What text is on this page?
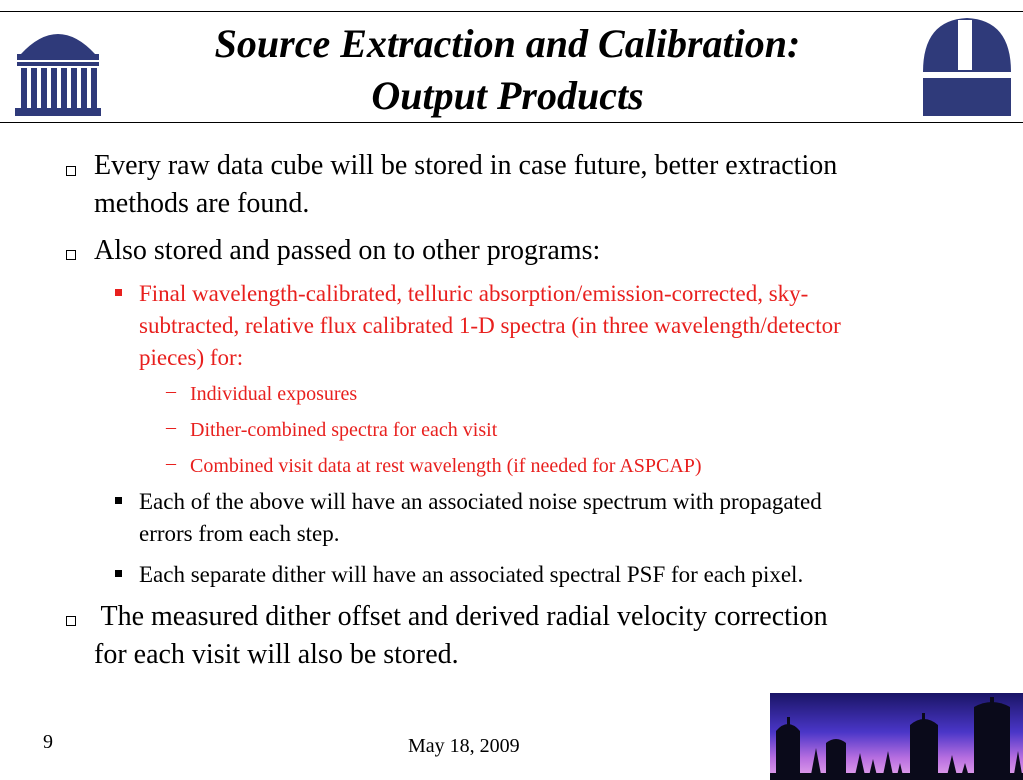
Source Extraction and Calibration:
Output Products
Every raw data cube will be stored in case future, better extraction
methods are found.
Also stored and passed on to other programs:
Final wavelength-calibrated, telluric absorption/emission-corrected, sky-
subtracted, relative flux calibrated 1-D spectra (in three wavelength/detector
pieces) for:
– Individual exposures
– Dither-combined spectra for each visit
– Combined visit data at rest wavelength (if needed for ASPCAP)
Each of the above will have an associated noise spectrum with propagated
errors from each step.
Each separate dither will have an associated spectral PSF for each pixel.
The measured dither offset and derived radial velocity correction
for each visit will also be stored.
9	May 18, 2009
